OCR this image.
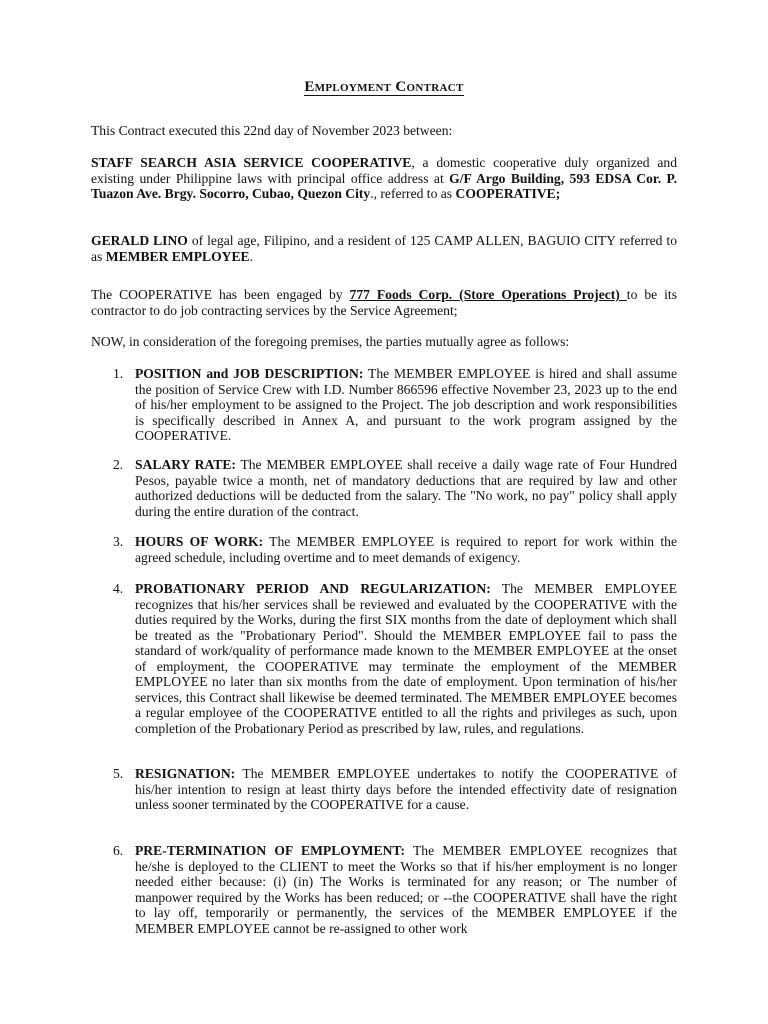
Employment Contract

This Contract executed this 22nd day of November 2023 between:

STAFF SEARCH ASIA SERVICE COOPERATIVE, a domestic cooperative duly organized and existing under Philippine laws with principal office address at G/F Argo Building, 593 EDSA Cor. P. Tuazon Ave. Brgy. Socorro, Cubao, Quezon City., referred to as COOPERATIVE;

GERALD LINO of legal age, Filipino, and a resident of 125 CAMP ALLEN, BAGUIO CITY referred to as MEMBER EMPLOYEE.

The COOPERATIVE has been engaged by 777 Foods Corp. (Store Operations Project) to be its contractor to do job contracting services by the Service Agreement;

NOW, in consideration of the foregoing premises, the parties mutually agree as follows:

1. POSITION and JOB DESCRIPTION: The MEMBER EMPLOYEE is hired and shall assume the position of Service Crew with I.D. Number 866596 effective November 23, 2023 up to the end of his/her employment to be assigned to the Project. The job description and work responsibilities is specifically described in Annex A, and pursuant to the work program assigned by the COOPERATIVE.
2. SALARY RATE: The MEMBER EMPLOYEE shall receive a daily wage rate of Four Hundred Pesos, payable twice a month, net of mandatory deductions that are required by law and other authorized deductions will be deducted from the salary. The "No work, no pay" policy shall apply during the entire duration of the contract.
3. HOURS OF WORK: The MEMBER EMPLOYEE is required to report for work within the agreed schedule, including overtime and to meet demands of exigency.
4. PROBATIONARY PERIOD AND REGULARIZATION: The MEMBER EMPLOYEE recognizes that his/her services shall be reviewed and evaluated by the COOPERATIVE with the duties required by the Works, during the first SIX months from the date of deployment which shall be treated as the "Probationary Period". Should the MEMBER EMPLOYEE fail to pass the standard of work/quality of performance made known to the MEMBER EMPLOYEE at the onset of employment, the COOPERATIVE may terminate the employment of the MEMBER EMPLOYEE no later than six months from the date of employment. Upon termination of his/her services, this Contract shall likewise be deemed terminated. The MEMBER EMPLOYEE becomes a regular employee of the COOPERATIVE entitled to all the rights and privileges as such, upon completion of the Probationary Period as prescribed by law, rules, and regulations.
5. RESIGNATION: The MEMBER EMPLOYEE undertakes to notify the COOPERATIVE of his/her intention to resign at least thirty days before the intended effectivity date of resignation unless sooner terminated by the COOPERATIVE for a cause.
6. PRE-TERMINATION OF EMPLOYMENT: The MEMBER EMPLOYEE recognizes that he/she is deployed to the CLIENT to meet the Works so that if his/her employment is no longer needed either because: (i) (in) The Works is terminated for any reason; or The number of manpower required by the Works has been reduced; or --the COOPERATIVE shall have the right to lay off, temporarily or permanently, the services of the MEMBER EMPLOYEE if the MEMBER EMPLOYEE cannot be re-assigned to other work
